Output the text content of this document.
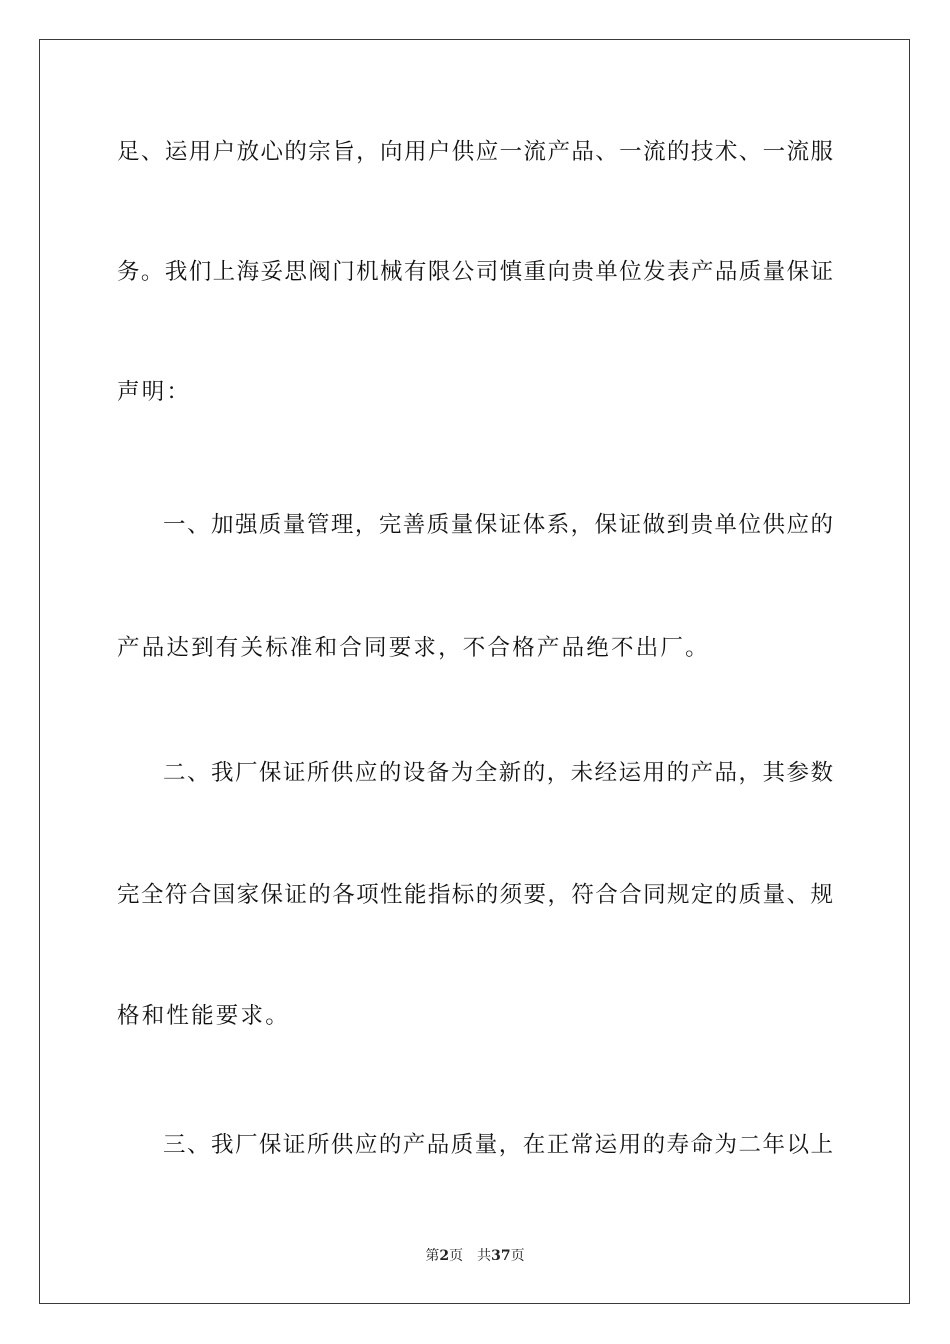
足、运用户放心的宗旨，向用户供应一流产品、一流的技术、一流服
务。我们上海妥思阀门机械有限公司慎重向贵单位发表产品质量保证
声明：
一、加强质量管理，完善质量保证体系，保证做到贵单位供应的
产品达到有关标准和合同要求，不合格产品绝不出厂。
二、我厂保证所供应的设备为全新的，未经运用的产品，其参数
完全符合国家保证的各项性能指标的须要，符合合同规定的质量、规
格和性能要求。
三、我厂保证所供应的产品质量，在正常运用的寿命为二年以上
第2页 共37页
